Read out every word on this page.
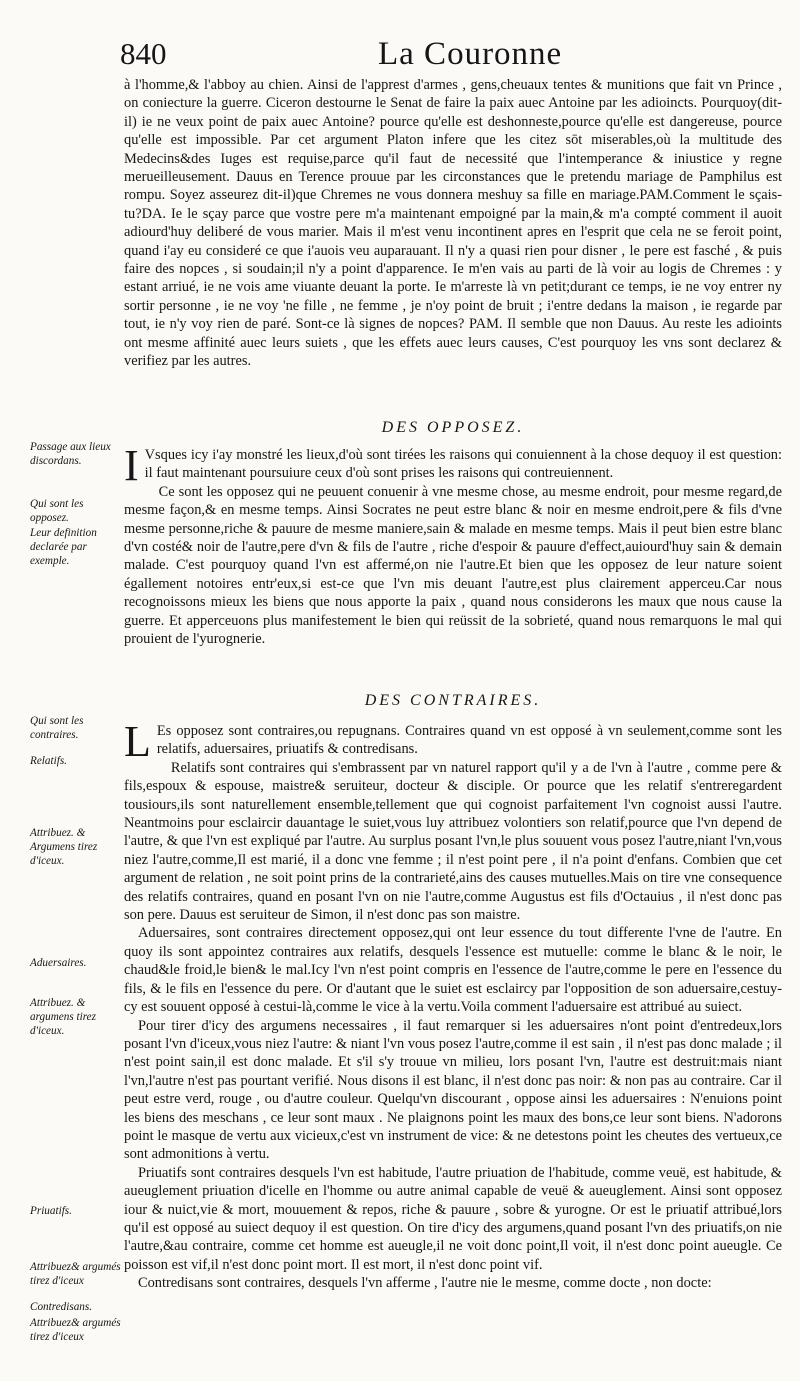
840	La Couronne

à l'homme,& l'abboy au chien. Ainsi de l'apprest d'armes , gens,cheuaux tentes & munitions que fait vn Prince , on coniecture la guerre. Ciceron destourne le Senat de faire la paix auec Antoine par les adioincts. Pourquoy(dit-il) ie ne veux point de paix auec Antoine? pource qu'elle est deshonneste,pource qu'elle est dangereuse, pource qu'elle est impossible. Par cet argument Platon infere que les citez sōt miserables,où la multitude des Medecins&des Iuges est requise,parce qu'il faut de necessité que l'intemperance & iniustice y regne merueilleusement. Dauus en Terence prouue par les circonstances que le pretendu mariage de Pamphilus est rompu. Soyez asseurez dit-il)que Chremes ne vous donnera meshuy sa fille en mariage.PAM.Comment le sçais-tu?DA. Ie le sçay parce que vostre pere m'a maintenant empoigné par la main,& m'a compté comment il auoit adiourd'huy deliberé de vous marier. Mais il m'est venu incontinent apres en l'esprit que cela ne se feroit point, quand i'ay eu consideré ce que i'auois veu auparauant. Il n'y a quasi rien pour disner , le pere est fasché , & puis faire des nopces , si soudain;il n'y a point d'apparence. Ie m'en vais au parti de là voir au logis de Chremes : y estant arriué, ie ne vois ame viuante deuant la porte. Ie m'arreste là vn petit;durant ce temps, ie ne voy entrer ny sortir personne , ie ne voy 'ne fille , ne femme , je n'oy point de bruit ; i'entre dedans la maison , ie regarde par tout, ie n'y voy rien de paré. Sont-ce là signes de nopces? PAM. Il semble que non Dauus. Au reste les adioints ont mesme affinité auec leurs suiets , que les effets auec leurs causes, C'est pourquoy les vns sont declarez & verifiez par les autres.

DES OPPOSEZ.

I Vsques icy i'ay monstré les lieux,d'où sont tirées les raisons qui conuiennent à la chose dequoy il est question: il faut maintenant poursuiure ceux d'où sont prises les raisons qui contreuiennent.

Ce sont les opposez qui ne peuuent conuenir à vne mesme chose, au mesme endroit, pour mesme regard,de mesme façon,& en mesme temps. Ainsi Socrates ne peut estre blanc & noir en mesme endroit,pere & fils d'vne mesme personne,riche & pauure de mesme maniere,sain & malade en mesme temps. Mais il peut bien estre blanc d'vn costé& noir de l'autre,pere d'vn & fils de l'autre , riche d'espoir & pauure d'effect,auiourd'huy sain & demain malade. C'est pourquoy quand l'vn est affermé,on nie l'autre.Et bien que les opposez de leur nature soient égallement notoires entr'eux,si est-ce que l'vn mis deuant l'autre,est plus clairement apperceu.Car nous recognoissons mieux les biens que nous apporte la paix , quand nous considerons les maux que nous cause la guerre. Et apperceuons plus manifestement le bien qui reüssit de la sobrieté, quand nous remarquons le mal qui prouient de l'yurognerie.

DES CONTRAIRES.

L Es opposez sont contraires,ou repugnans. Contraires quand vn est opposé à vn seulement,comme sont les relatifs, aduersaires, priuatifs & contredisans.

Relatifs sont contraires qui s'embrassent par vn naturel rapport qu'il y a de l'vn à l'autre , comme pere & fils,espoux & espouse, maistre& seruiteur, docteur & disciple. Or pource que les relatif s'entreregardent tousiours,ils sont naturellement ensemble,tellement que qui cognoist parfaitement l'vn cognoist aussi l'autre. Neantmoins pour esclaircir dauantage le suiet,vous luy attribuez volontiers son relatif,pource que l'vn depend de l'autre, & que l'vn est expliqué par l'autre. Au surplus posant l'vn,le plus souuent vous posez l'autre,niant l'vn,vous niez l'autre,comme,Il est marié, il a donc vne femme ; il n'est point pere , il n'a point d'enfans. Combien que cet argument de relation , ne soit point prins de la contrarieté,ains des causes mutuelles.Mais on tire vne consequence des relatifs contraires, quand en posant l'vn on nie l'autre,comme Augustus est fils d'Octauius , il n'est donc pas son pere. Dauus est seruiteur de Simon, il n'est donc pas son maistre.

Aduersaires, sont contraires directement opposez,qui ont leur essence du tout differente l'vne de l'autre. En quoy ils sont appointez contraires aux relatifs, desquels l'essence est mutuelle: comme le blanc & le noir, le chaud&le froid,le bien& le mal.Icy l'vn n'est point compris en l'essence de l'autre,comme le pere en l'essence du fils, & le fils en l'essence du pere. Or d'autant que le suiet est esclaircy par l'opposition de son aduersaire,cestuy-cy est souuent opposé à cestui-là,comme le vice à la vertu.Voila comment l'aduersaire est attribué au suiect.

Pour tirer d'icy des argumens necessaires , il faut remarquer si les aduersaires n'ont point d'entredeux,lors posant l'vn d'iceux,vous niez l'autre: & niant l'vn vous posez l'autre,comme il est sain , il n'est pas donc malade ; il n'est point sain,il est donc malade. Et s'il s'y trouue vn milieu, lors posant l'vn, l'autre est destruit:mais niant l'vn,l'autre n'est pas pourtant verifié. Nous disons il est blanc, il n'est donc pas noir: & non pas au contraire. Car il peut estre verd, rouge , ou d'autre couleur. Quelqu'vn discourant , oppose ainsi les aduersaires : N'enuions point les biens des meschans , ce leur sont maux . Ne plaignons point les maux des bons,ce leur sont biens. N'adorons point le masque de vertu aux vicieux,c'est vn instrument de vice: & ne detestons point les cheutes des vertueux,ce sont admonitions à vertu.

Priuatifs sont contraires desquels l'vn est habitude, l'autre priuation de l'habitude, comme veuë, est habitude, & aueuglement priuation d'icelle en l'homme ou autre animal capable de veuë & aueuglement. Ainsi sont opposez iour & nuict,vie & mort, mouuement & repos, riche & pauure , sobre & yurogne. Or est le priuatif attribué,lors qu'il est opposé au suiect dequoy il est question. On tire d'icy des argumens,quand posant l'vn des priuatifs,on nie l'autre,&au contraire, comme cet homme est aueugle,il ne voit donc point,Il voit, il n'est donc point aueugle. Ce poisson est vif,il n'est donc point mort. Il est mort, il n'est donc point vif.

Contredisans sont contraires, desquels l'vn afferme , l'autre nie le mesme, comme docte , non docte:

Passage aux lieux discordans.
Qui sont les opposez.
Leur definition declarée par exemple.
Qui sont les contraires.
Relatifs.
Attribuez. & Argumens tirez d'iceux.
Aduersaires.
Attribuez. & argumens tirez d'iceux.
Priuatifs.
Attribuez& argumés tirez d'iceux
Contredisans.
Attribuez& argumés tirez d'iceux
